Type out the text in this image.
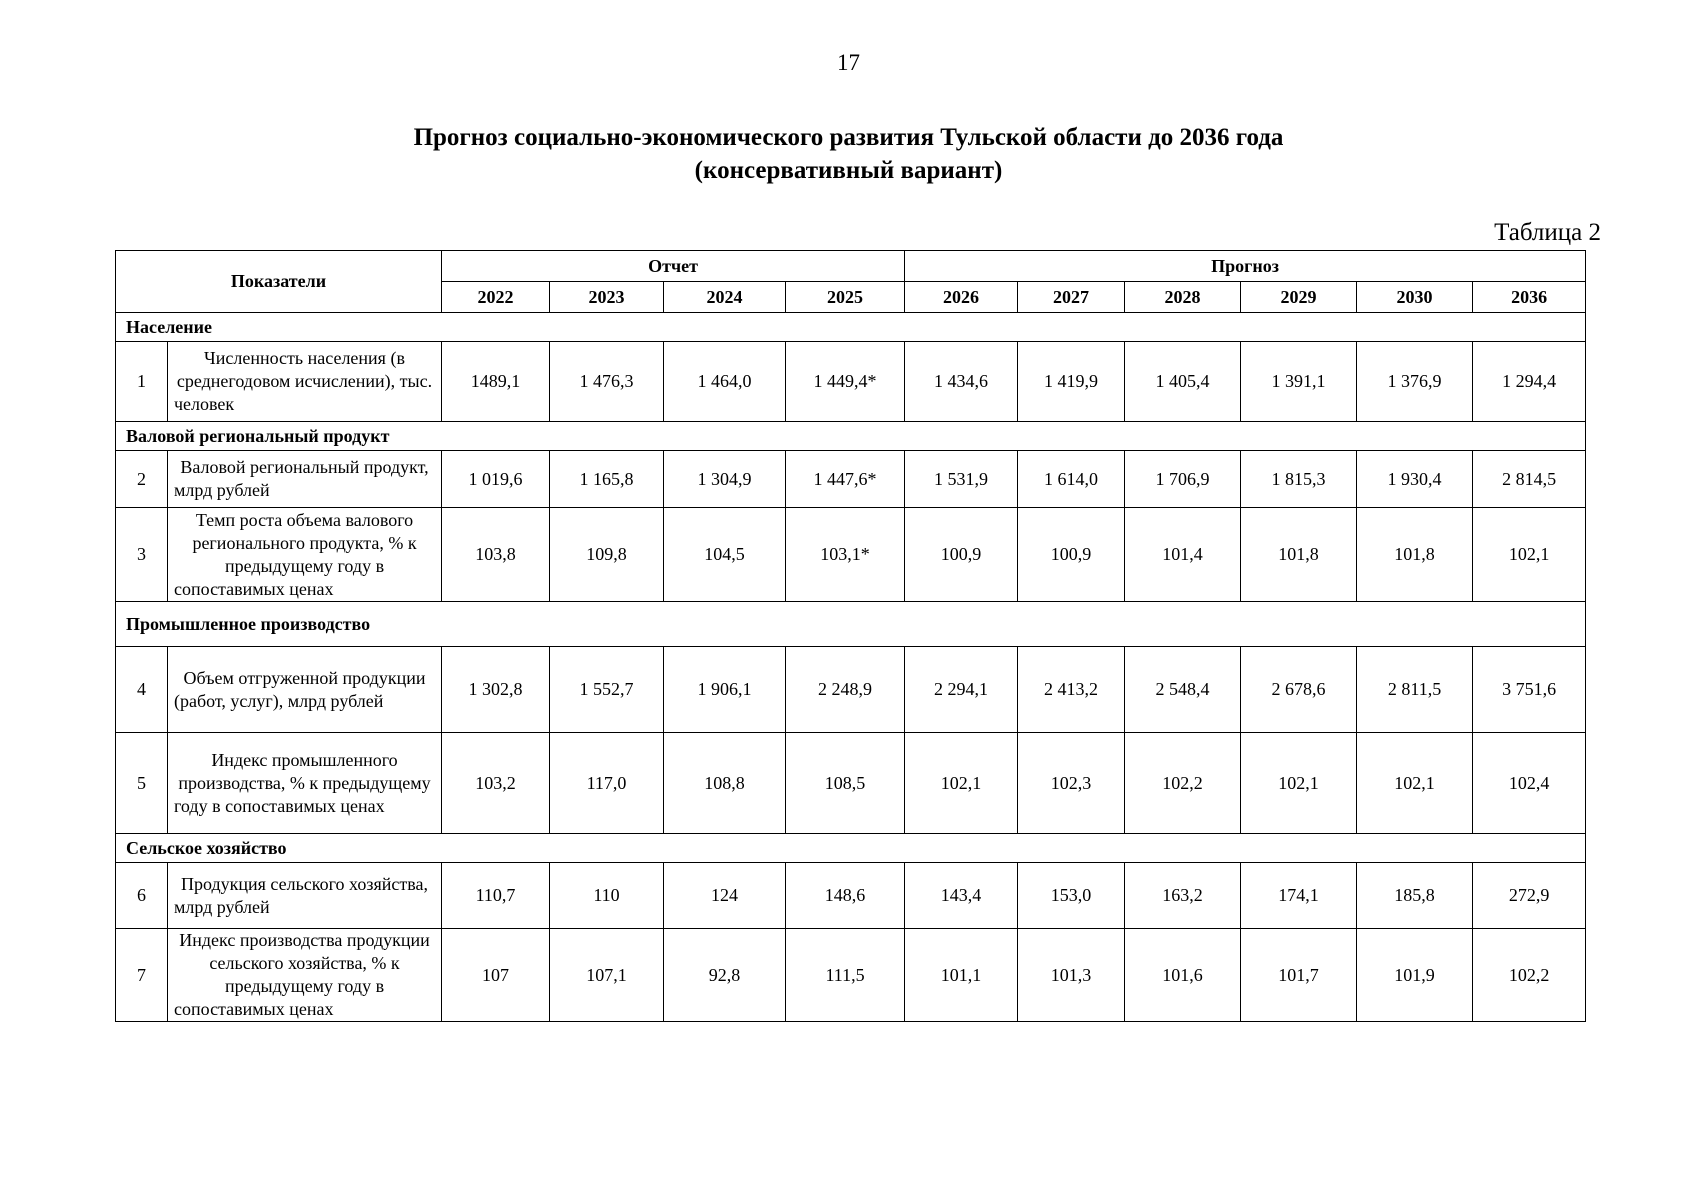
17
Прогноз социально-экономического развития Тульской области до 2036 года
(консервативный вариант)
Таблица 2
Показатели		Отчет				Прогноз					
		2022	2023	2024	2025	2026	2027	2028	2029	2030	2036
Население											
1	Численность населения (в среднегодовом исчислении), тыс. человек	1489,1	1 476,3	1 464,0	1 449,4*	1 434,6	1 419,9	1 405,4	1 391,1	1 376,9	1 294,4
Валовой региональный продукт											
2	Валовой региональный продукт, млрд рублей	1 019,6	1 165,8	1 304,9	1 447,6*	1 531,9	1 614,0	1 706,9	1 815,3	1 930,4	2 814,5
3	Темп роста объема валового регионального продукта, % к предыдущему году в сопоставимых ценах	103,8	109,8	104,5	103,1*	100,9	100,9	101,4	101,8	101,8	102,1
Промышленное производство											
4	Объем отгруженной продукции (работ, услуг), млрд рублей	1 302,8	1 552,7	1 906,1	2 248,9	2 294,1	2 413,2	2 548,4	2 678,6	2 811,5	3 751,6
5	Индекс промышленного производства, % к предыдущему году в сопоставимых ценах	103,2	117,0	108,8	108,5	102,1	102,3	102,2	102,1	102,1	102,4
Сельское хозяйство											
6	Продукция сельского хозяйства, млрд рублей	110,7	110	124	148,6	143,4	153,0	163,2	174,1	185,8	272,9
7	Индекс производства продукции сельского хозяйства, % к предыдущему году в сопоставимых ценах	107	107,1	92,8	111,5	101,1	101,3	101,6	101,7	101,9	102,2
